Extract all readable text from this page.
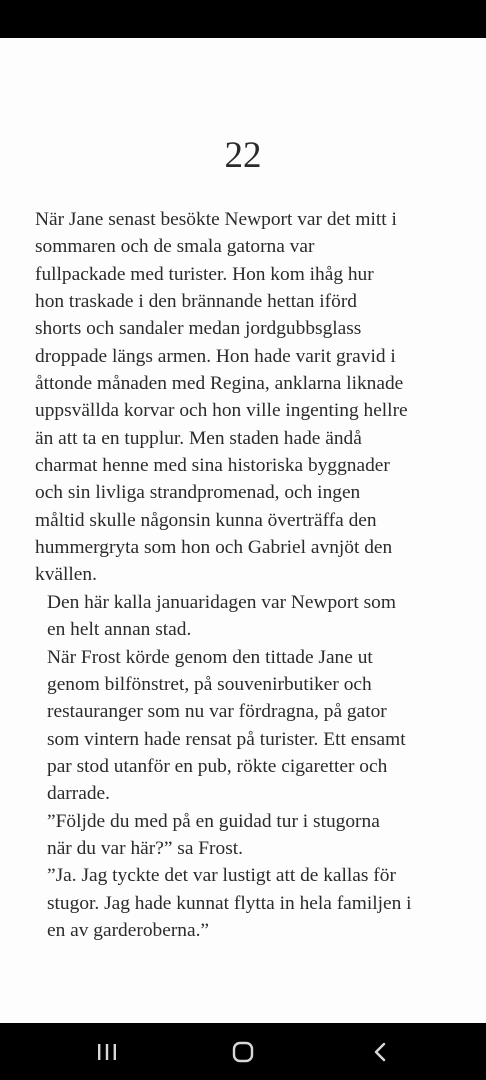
22

När Jane senast besökte Newport var det mitt i
sommaren och de smala gatorna var
fullpackade med turister. Hon kom ihåg hur
hon traskade i den brännande hettan iförd
shorts och sandaler medan jordgubbsglass
droppade längs armen. Hon hade varit gravid i
åttonde månaden med Regina, anklarna liknade
uppsvällda korvar och hon ville ingenting hellre
än att ta en tupplur. Men staden hade ändå
charmat henne med sina historiska byggnader
och sin livliga strandpromenad, och ingen
måltid skulle någonsin kunna överträffa den
hummergryta som hon och Gabriel avnjöt den
kvällen.

Den här kalla januaridagen var Newport som
en helt annan stad.

När Frost körde genom den tittade Jane ut
genom bilfönstret, på souvenirbutiker och
restauranger som nu var fördragna, på gator
som vintern hade rensat på turister. Ett ensamt
par stod utanför en pub, rökte cigaretter och
darrade.

”Följde du med på en guidad tur i stugorna
när du var här?” sa Frost.

”Ja. Jag tyckte det var lustigt att de kallas för
stugor. Jag hade kunnat flytta in hela familjen i
en av garderoberna.”
